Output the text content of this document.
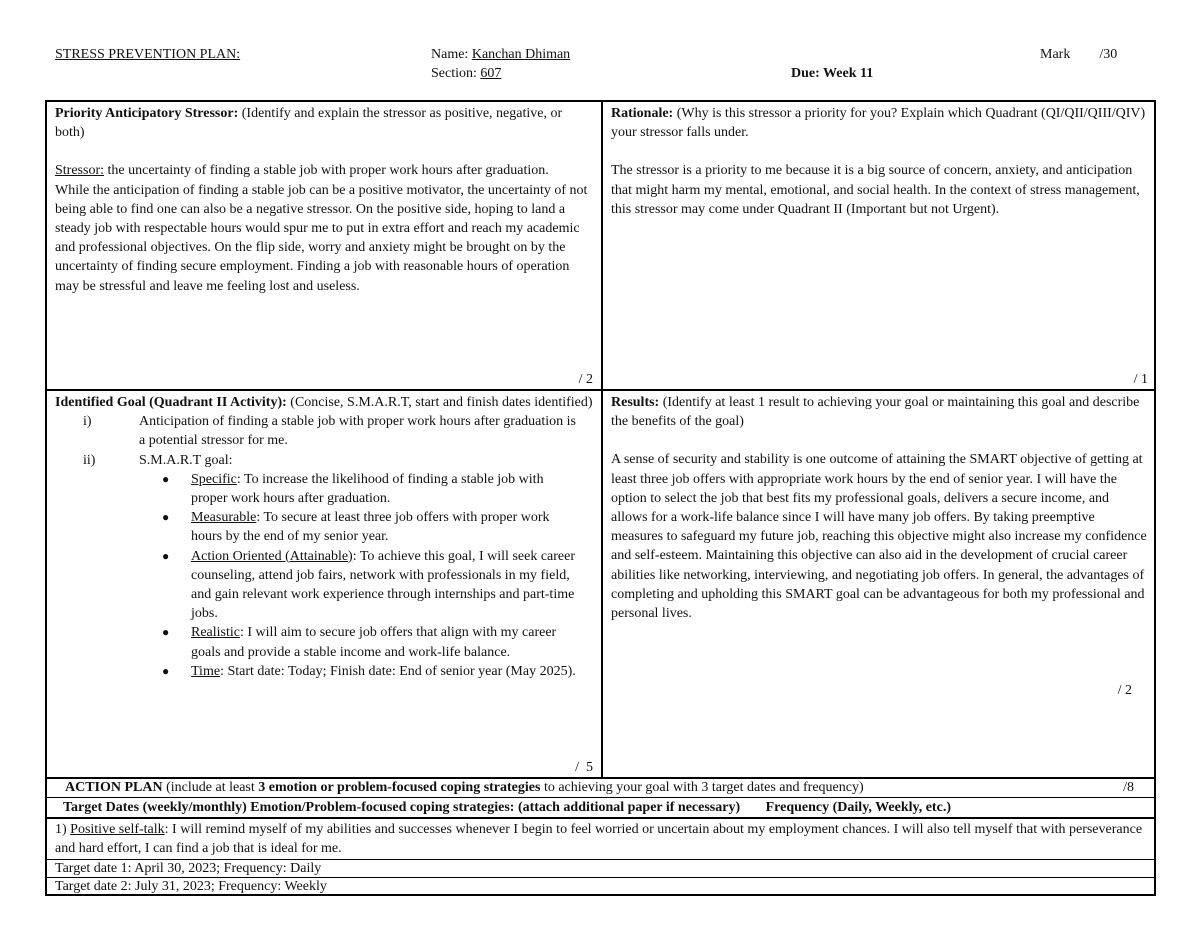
STRESS PREVENTION PLAN:	Name: Kanchan Dhiman
Section: 607	Due: Week 11
Mark /30

Priority Anticipatory Stressor: (Identify and explain the stressor as positive, negative, or both)

Stressor: the uncertainty of finding a stable job with proper work hours after graduation.

While the anticipation of finding a stable job can be a positive motivator, the uncertainty of not being able to find one can also be a negative stressor. On the positive side, hoping to land a steady job with respectable hours would spur me to put in extra effort and reach my academic and professional objectives. On the flip side, worry and anxiety might be brought on by the uncertainty of finding secure employment. Finding a job with reasonable hours of operation may be stressful and leave me feeling lost and useless.

/ 2

Rationale: (Why is this stressor a priority for you? Explain which Quadrant (QI/QII/QIII/QIV) your stressor falls under.

The stressor is a priority to me because it is a big source of concern, anxiety, and anticipation that might harm my mental, emotional, and social health. In the context of stress management, this stressor may come under Quadrant II (Important but not Urgent).

/ 1

Identified Goal (Quadrant II Activity): (Concise, S.M.A.R.T, start and finish dates identified)

i)	Anticipation of finding a stable job with proper work hours after graduation is a potential stressor for me.
ii)	S.M.A.R.T goal:
● Specific: To increase the likelihood of finding a stable job with proper work hours after graduation.
● Measurable: To secure at least three job offers with proper work hours by the end of my senior year.
● Action Oriented (Attainable): To achieve this goal, I will seek career counseling, attend job fairs, network with professionals in my field, and gain relevant work experience through internships and part-time jobs.
● Realistic: I will aim to secure job offers that align with my career goals and provide a stable income and work-life balance.
● Time: Start date: Today; Finish date: End of senior year (May 2025).
/  5

Results: (Identify at least 1 result to achieving your goal or maintaining this goal and describe the benefits of the goal)

A sense of security and stability is one outcome of attaining the SMART objective of getting at least three job offers with appropriate work hours by the end of senior year. I will have the option to select the job that best fits my professional goals, delivers a secure income, and allows for a work-life balance since I will have many job offers. By taking preemptive measures to safeguard my future job, reaching this objective might also increase my confidence and self-esteem. Maintaining this objective can also aid in the development of crucial career abilities like networking, interviewing, and negotiating job offers. In general, the advantages of completing and upholding this SMART goal can be advantageous for both my professional and personal lives.

/ 2
ACTION PLAN (include at least 3 emotion or problem-focused coping strategies to achieving your goal with 3 target dates and frequency)	/8
Target Dates (weekly/monthly) Emotion/Problem-focused coping strategies: (attach additional paper if necessary) Frequency (Daily, Weekly, etc.)
1) Positive self-talk: I will remind myself of my abilities and successes whenever I begin to feel worried or uncertain about my employment chances. I will also tell myself that with perseverance and hard effort, I can find a job that is ideal for me.
Target date 1: April 30, 2023; Frequency: Daily
Target date 2: July 31, 2023; Frequency: Weekly
